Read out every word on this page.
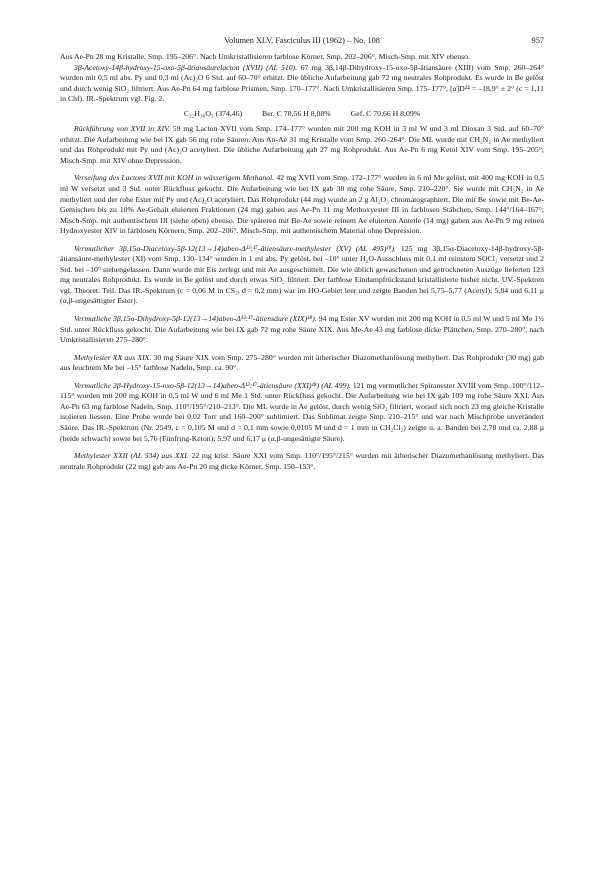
Volumen XLV, Fasciculus III (1962) – No. 108	957

Aus Ae-Pn 28 mg Kristalle, Smp. 195–206°. Nach Umkristallisieren farblose Körner, Smp. 202–206°, Misch-Smp. mit XIV ebenso.

3β-Acetoxy-14β-hydroxy-15-oxo-5β-ätiansäurelacton (XVII) (AL 510). 67 mg 3β,14β-Dihydroxy-15-oxo-5β-ätiansäure (XIII) vom Smp. 260–264° wurden mit 0,5 ml abs. Py und 0,3 ml (Ac)₂O 6 Std. auf 60–70° erhitzt. Die übliche Aufarbeitung gab 72 mg neutrales Rohprodukt. Es wurde in Be gelöst und durch wenig SiO₂ filtriert. Aus Ae-Pn 64 mg farblose Prismen, Smp. 170–177°. Nach Umkristallisieren Smp. 175–177°, [α]D²⁴ = –18,9° ± 2° (c = 1,11 in Chf). IR.-Spektrum vgl. Fig. 2.

C₂₂H₃₀O₅ (374,46)	Ber. C 70,56 H 8,08%	Gef. C 70,66 H 8,09%

Rückführung von XVII in XIV. 59 mg Lacton XVII vom Smp. 174–177° wurden mit 200 mg KOH in 3 ml W und 3 ml Dioxan 3 Std. auf 60–70° erhitzt. Die Aufarbeitung wie bei IX gab 56 mg rohe Säuren. Aus An-Ae 31 mg Kristalle vom Smp. 260–264°. Die ML wurde mit CH₂N₂ in Ae methyliert und das Rohprodukt mit Py und (Ac)₂O acetyliert. Die übliche Aufarbeitung gab 27 mg Rohprodukt. Aus Ae-Pn 6 mg Ketol XIV vom Smp. 195–205°; Misch-Smp. mit XIV ohne Depression.

Verseifung des Lactons XVII mit KOH in wässerigem Methanol. 42 mg XVII vom Smp. 172–177° wurden in 6 ml Me gelöst, mit 400 mg KOH in 0,5 ml W versetzt und 3 Std. unter Rückfluss gekocht. Die Aufarbeitung wie bei IX gab 38 mg rohe Säure, Smp. 210–220°. Sie wurde mit CH₂N₂ in Ae methyliert und der rohe Ester mit Py und (Ac)₂O acetyliert. Das Rohprodukt (44 mg) wurde an 2 g Al₂O₃ chromatographiert. Die mit Be sowie mit Be-Ae-Gemischen bis zu 10% Ae-Gehalt eluierten Fraktionen (24 mg) gaben aus Ae-Pn 11 mg Methoxyester III in farblosen Stäbchen, Smp. 144°/164–167°; Misch-Smp. mit authentischem III (siehe oben) ebenso. Die späteren mit Be-Ae sowie reinem Ae eluierten Anteile (14 mg) gaben aus Ae-Pn 9 mg reinen Hydroxyester XIV in farblosen Körnern, Smp. 202–206°. Misch-Smp. mit authentischem Material ohne Depression.

Vermutlicher 3β,15α-Diacetoxy-5β-12(13→14)abeo-Δ¹³:¹⁷-ätiensäure-methylester (XV) (AL 495)¹⁸). 125 mg 3β,15α-Diacetoxy-14β-hydroxy-5β-ätiansäure-methylester (XI) vom Smp. 130–134° wurden in 1 ml abs. Py gelöst, bei –10° unter H₂O-Ausschluss mit 0,1 ml reinstem SOCl₂ versetzt und 2 Std. bei –10° stehengelassen. Dann wurde mit Eis zerlegt und mit Ae ausgeschüttelt. Die wie üblich gewaschenen und getrockneten Auszüge lieferten 123 mg neutrales Rohprodukt. Es wurde in Be gelöst und durch etwas SiO₂ filtriert. Der farblose Eindampfrückstand kristallisierte bisher nicht. UV.-Spektren vgl. Theoret. Teil. Das IR.-Spektrum (c = 0,06 M in CS₂, d = 0,2 mm) war im HO-Gebiet leer und zeigte Banden bei 5,75–5,77 (Acetyl); 5,84 und 6,11 μ (α,β-ungesättigter Ester).

Vermutliche 3β,15α-Dihydroxy-5β-12(13→14)abeo-Δ¹³:¹⁷-ätiensäure (XIX)¹⁸). 94 mg Ester XV wurden mit 200 mg KOH in 0,5 ml W und 5 ml Me 1½ Std. unter Rückfluss gekocht. Die Aufarbeitung wie bei IX gab 72 mg rohe Säure XIX. Aus Me-Ae 43 mg farblose dicke Plättchen, Smp. 270–280°, nach Umkristallisieren 275–280°.

Methylester XX aus XIX. 30 mg Säure XIX vom Smp. 275–280° wurden mit ätherischer Diazomethanlösung methyliert. Das Rohprodukt (30 mg) gab aus feuchtem Me bei –15° farblose Nadeln, Smp. ca. 90°.

Vermutliche 3β-Hydroxy-15-oxo-5β-12(13→14)abeo-Δ¹³:¹⁷-ätiensäure (XXI)¹⁸) (AL 499). 121 mg vermutlicher Spiranester XVIII vom Smp. 100°/112–115° wurden mit 200 mg KOH in 0,5 ml W und 6 ml Me 1 Std. unter Rückfluss gekocht. Die Aufarbeitung wie bei IX gab 109 mg rohe Säure XXI. Aus Ae-Pn 63 mg farblose Nadeln, Smp. 110°/195°/210–213°. Die ML wurde in Ae gelöst, durch wenig SiO₂ filtriert, worauf sich noch 23 mg gleiche Kristalle isolieren liessen. Eine Probe wurde bei 0,02 Torr und 160–200° sublimiert. Das Sublimat zeigte Smp. 210–215° und war nach Mischprobe unverändert Säure. Das IR.-Spektrum (Nr. 2549, c = 0,105 M und d = 0,1 mm sowie 0,0105 M und d = 1 mm in CH₂Cl₂) zeigte u. a. Banden bei 2,78 und ca. 2,88 μ (beide schwach) sowie bei 5,76 (Fünfring-Keton); 5,97 und 6,17 μ (α,β-ungesättigte Säure).

Methylester XXII (AL 534) aus XXI. 22 mg krist. Säure XXI vom Smp. 110°/195°/215° wurden mit ätherischer Diazomethanlösung methyliert. Das neutrale Rohprodukt (22 mg) gab aus Ae-Pn 20 mg dicke Körner, Smp. 150–153°.
